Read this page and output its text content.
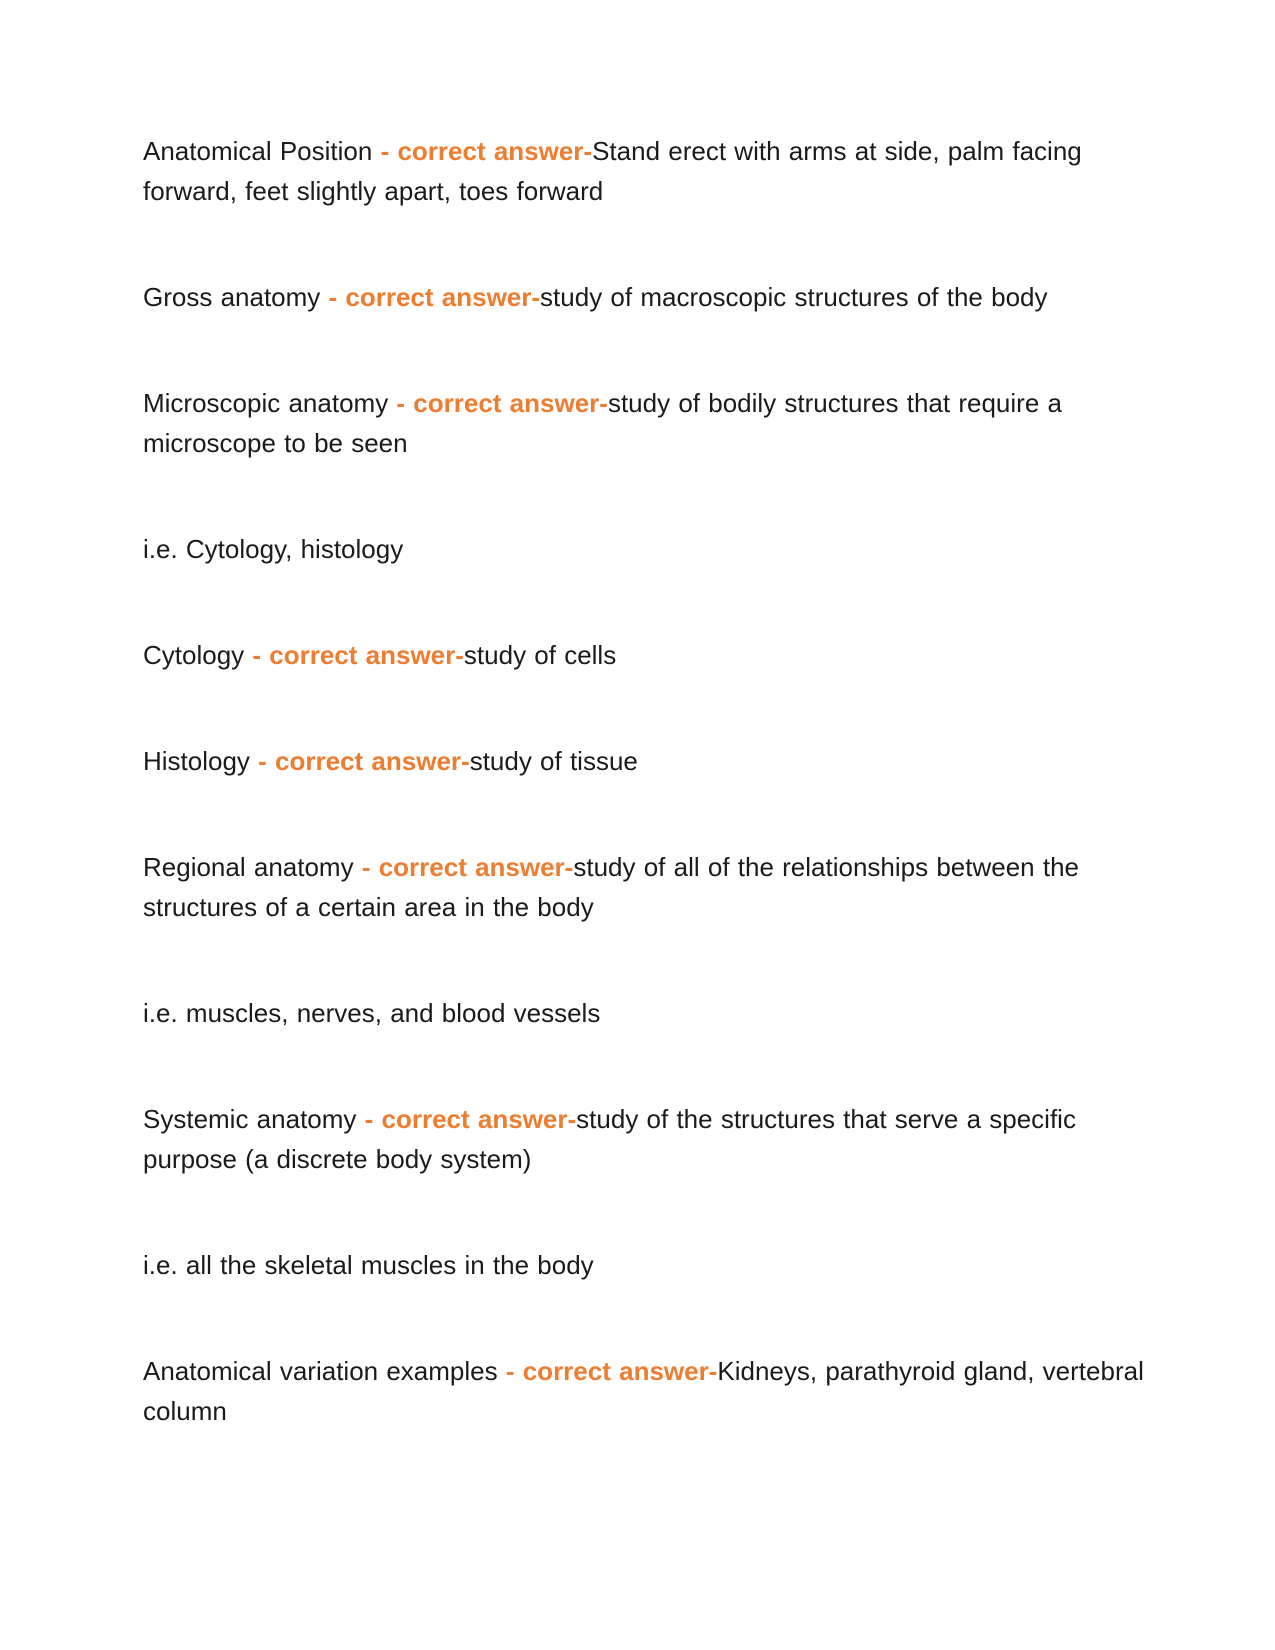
Anatomical Position - correct answer-Stand erect with arms at side, palm facing forward, feet slightly apart, toes forward

Gross anatomy - correct answer-study of macroscopic structures of the body

Microscopic anatomy - correct answer-study of bodily structures that require a microscope to be seen

i.e. Cytology, histology

Cytology - correct answer-study of cells

Histology - correct answer-study of tissue

Regional anatomy - correct answer-study of all of the relationships between the structures of a certain area in the body

i.e. muscles, nerves, and blood vessels

Systemic anatomy - correct answer-study of the structures that serve a specific purpose (a discrete body system)

i.e. all the skeletal muscles in the body

Anatomical variation examples - correct answer-Kidneys, parathyroid gland, vertebral column
